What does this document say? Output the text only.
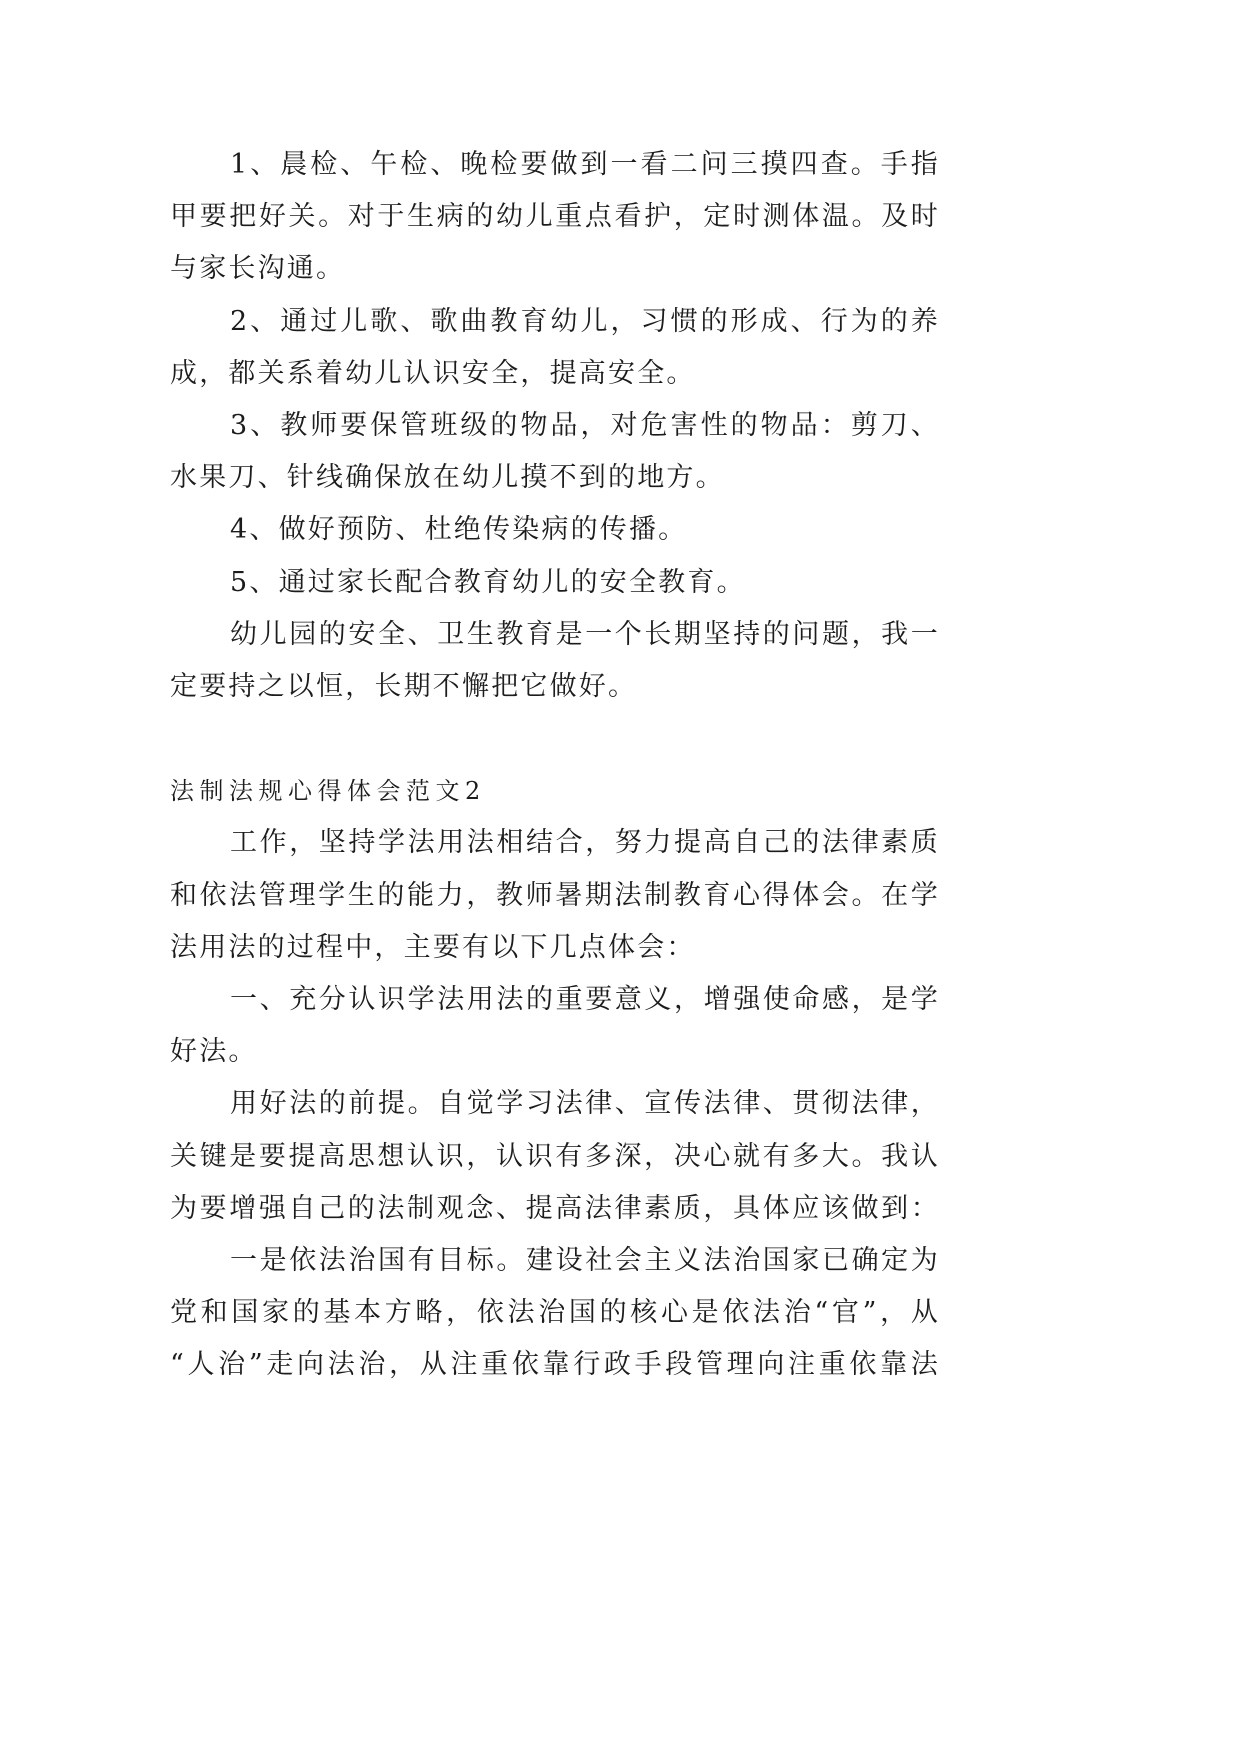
1、晨检、午检、晚检要做到一看二问三摸四查。手指
甲要把好关。对于生病的幼儿重点看护，定时测体温。及时
与家长沟通。
2、通过儿歌、歌曲教育幼儿，习惯的形成、行为的养
成，都关系着幼儿认识安全，提高安全。
3、教师要保管班级的物品，对危害性的物品：剪刀、
水果刀、针线确保放在幼儿摸不到的地方。
4、做好预防、杜绝传染病的传播。
5、通过家长配合教育幼儿的安全教育。
幼儿园的安全、卫生教育是一个长期坚持的问题，我一
定要持之以恒，长期不懈把它做好。
法制法规心得体会范文2
工作，坚持学法用法相结合，努力提高自己的法律素质
和依法管理学生的能力，教师暑期法制教育心得体会。在学
法用法的过程中，主要有以下几点体会：
一、充分认识学法用法的重要意义，增强使命感，是学
好法。
用好法的前提。自觉学习法律、宣传法律、贯彻法律，
关键是要提高思想认识，认识有多深，决心就有多大。我认
为要增强自己的法制观念、提高法律素质，具体应该做到：
一是依法治国有目标。建设社会主义法治国家已确定为
党和国家的基本方略，依法治国的核心是依法治“官”，从
“人治”走向法治，从注重依靠行政手段管理向注重依靠法
